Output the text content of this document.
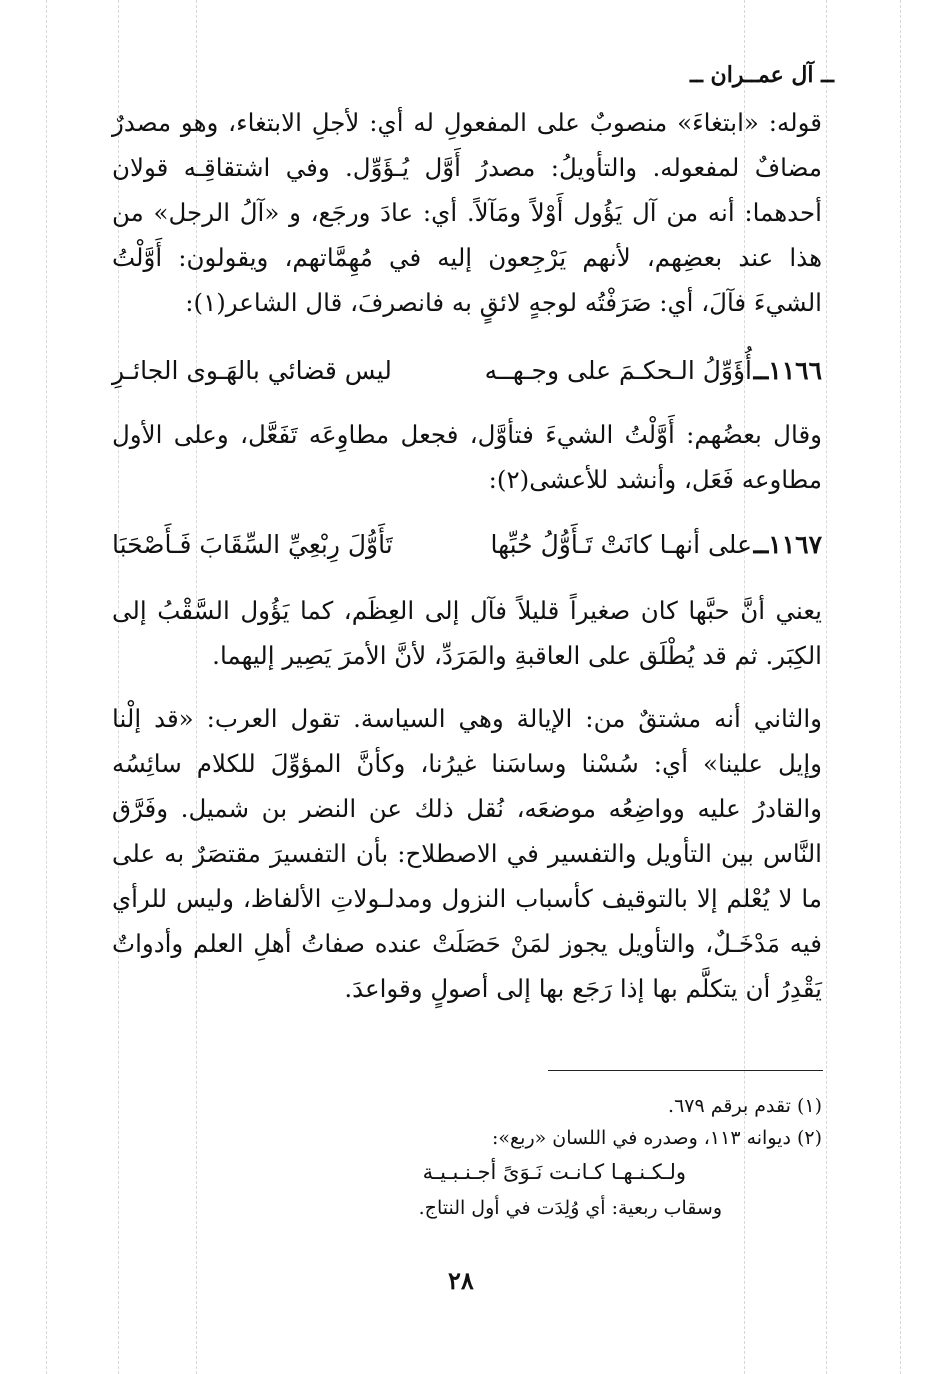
ــ آل عمــران ــ
قوله: «ابتغاءَ» منصوبٌ على المفعولِ له أي: لأجلِ الابتغاء، وهو مصدرٌ مضافٌ لمفعوله. والتأويلُ: مصدرُ أَوَّل يُـؤَوِّل. وفي اشتقاقِـه قولان أحدهما: أنه من آل يَؤُول أَوْلاً ومَآلاً. أي: عادَ ورجَع، و «آلُ الرجل» من هذا عند بعضِهم، لأنهم يَرْجِعون إليه في مُهِمَّاتهم، ويقولون: أَوَّلْتُ الشيءَ فآلَ، أي: صَرَفْتُه لوجهٍ لائقٍ به فانصرفَ، قال الشاعر(١):
١١٦٦ــ
أُؤَوِّلُ الـحكـمَ على وجـهــه
ليس قضائي بالهَـوى الجائـرِ
وقال بعضُهم: أَوَّلْتُ الشيءَ فتأوَّل، فجعل مطاوِعَه تَفَعَّل، وعلى الأول مطاوعه فَعَل، وأنشد للأعشى(٢):
١١٦٧ــ
على أنهـا كانَتْ تَـأَوُّلُ حُبِّها
تَأَوُّلَ رِبْعِيِّ السِّقَابَ فَـأَصْحَبَا
يعني أنَّ حبَّها كان صغيراً قليلاً فآل إلى العِظَم، كما يَؤُول السَّقْبُ إلى الكِبَر. ثم قد يُطْلَق على العاقبةِ والمَرَدِّ، لأنَّ الأمرَ يَصِير إليهما.
والثاني أنه مشتقٌ من: الإيالة وهي السياسة. تقول العرب: «قد إلْنا وإيل علينا» أي: سُسْنا وساسَنا غيرُنا، وكأنَّ المؤوِّلَ للكلام سائِسُه والقادرُ عليه وواضِعُه موضعَه، نُقل ذلك عن النضر بن شميل. وفَرَّق النَّاس بين التأويل والتفسير في الاصطلاح: بأن التفسيرَ مقتصَرٌ به على ما لا يُعْلم إلا بالتوقيف كأسباب النزول ومدلـولاتِ الألفاظ، وليس للرأي فيه مَدْخَـلٌ، والتأويل يجوز لمَنْ حَصَلَتْ عنده صفاتُ أهلِ العلم وأدواتٌ يَقْدِرُ أن يتكلَّم بها إذا رَجَع بها إلى أصولٍ وقواعدَ.
(١) تقدم برقم ٦٧٩.
(٢) ديوانه ١١٣، وصدره في اللسان «ربع»:
ولـكـنـهـا كـانـت نَـوَىً أجـنـبـيـة
وسقاب ربعية: أي وُلِدَت في أول النتاج.
٢٨
